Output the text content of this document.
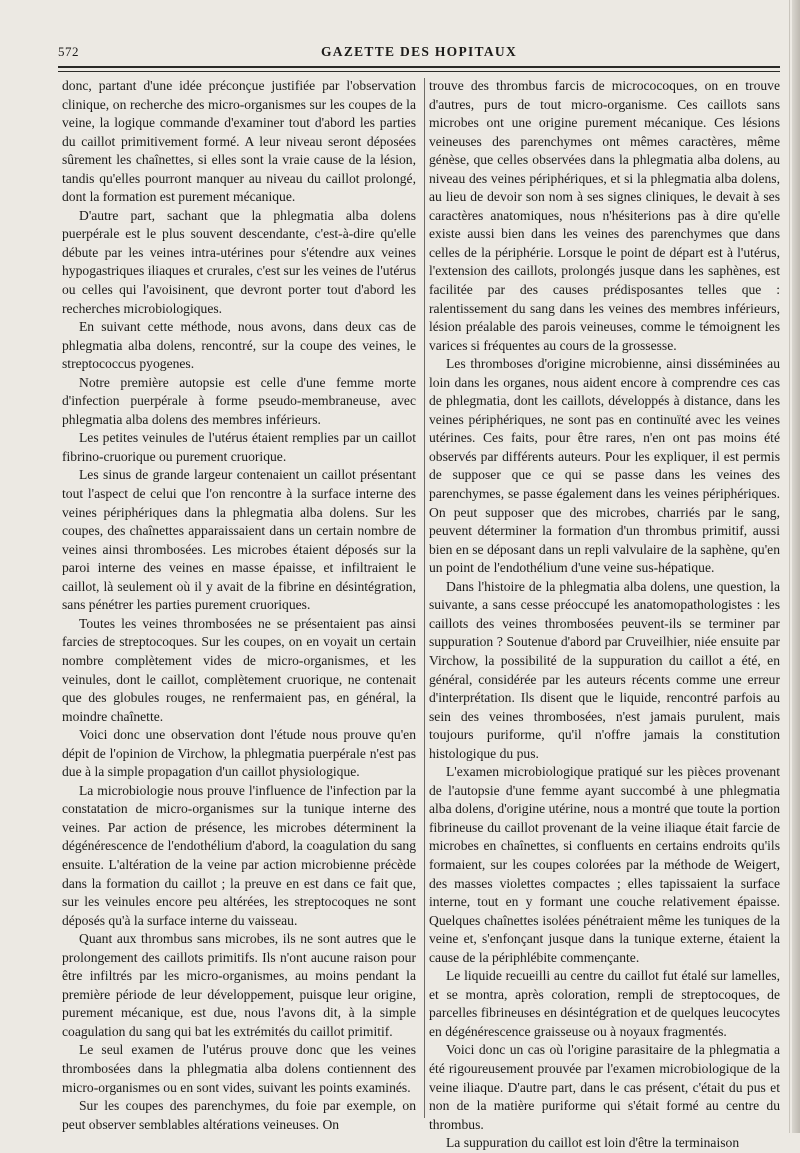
572	GAZETTE DES HOPITAUX

donc, partant d'une idée préconçue justifiée par l'observation clinique, on recherche des micro-organismes sur les coupes de la veine, la logique commande d'examiner tout d'abord les parties du caillot primitivement formé. A leur niveau seront déposées sûrement les chaînettes, si elles sont la vraie cause de la lésion, tandis qu'elles pourront manquer au niveau du caillot prolongé, dont la formation est purement mécanique.

D'autre part, sachant que la phlegmatia alba dolens puerpérale est le plus souvent descendante, c'est-à-dire qu'elle débute par les veines intra-utérines pour s'étendre aux veines hypogastriques iliaques et crurales, c'est sur les veines de l'utérus ou celles qui l'avoisinent, que devront porter tout d'abord les recherches microbiologiques.

En suivant cette méthode, nous avons, dans deux cas de phlegmatia alba dolens, rencontré, sur la coupe des veines, le streptococcus pyogenes.

Notre première autopsie est celle d'une femme morte d'infection puerpérale à forme pseudo-membraneuse, avec phlegmatia alba dolens des membres inférieurs.

Les petites veinules de l'utérus étaient remplies par un caillot fibrino-cruorique ou purement cruorique.

Les sinus de grande largeur contenaient un caillot présentant tout l'aspect de celui que l'on rencontre à la surface interne des veines périphériques dans la phlegmatia alba dolens. Sur les coupes, des chaînettes apparaissaient dans un certain nombre de veines ainsi thrombosées. Les microbes étaient déposés sur la paroi interne des veines en masse épaisse, et infiltraient le caillot, là seulement où il y avait de la fibrine en désintégration, sans pénétrer les parties purement cruoriques.

Toutes les veines thrombosées ne se présentaient pas ainsi farcies de streptocoques. Sur les coupes, on en voyait un certain nombre complètement vides de micro-organismes, et les veinules, dont le caillot, complètement cruorique, ne contenait que des globules rouges, ne renfermaient pas, en général, la moindre chaînette.

Voici donc une observation dont l'étude nous prouve qu'en dépit de l'opinion de Virchow, la phlegmatia puerpérale n'est pas due à la simple propagation d'un caillot physiologique.

La microbiologie nous prouve l'influence de l'infection par la constatation de micro-organismes sur la tunique interne des veines. Par action de présence, les microbes déterminent la dégénérescence de l'endothélium d'abord, la coagulation du sang ensuite. L'altération de la veine par action microbienne précède dans la formation du caillot ; la preuve en est dans ce fait que, sur les veinules encore peu altérées, les streptocoques ne sont déposés qu'à la surface interne du vaisseau.

Quant aux thrombus sans microbes, ils ne sont autres que le prolongement des caillots primitifs. Ils n'ont aucune raison pour être infiltrés par les micro-organismes, au moins pendant la première période de leur développement, puisque leur origine, purement mécanique, est due, nous l'avons dit, à la simple coagulation du sang qui bat les extrémités du caillot primitif.

Le seul examen de l'utérus prouve donc que les veines thrombosées dans la phlegmatia alba dolens contiennent des micro-organismes ou en sont vides, suivant les points examinés.

Sur les coupes des parenchymes, du foie par exemple, on peut observer semblables altérations veineuses. On

trouve des thrombus farcis de micrococoques, on en trouve d'autres, purs de tout micro-organisme. Ces caillots sans microbes ont une origine purement mécanique. Ces lésions veineuses des parenchymes ont mêmes caractères, même génèse, que celles observées dans la phlegmatia alba dolens, au niveau des veines périphériques, et si la phlegmatia alba dolens, au lieu de devoir son nom à ses signes cliniques, le devait à ses caractères anatomiques, nous n'hésiterions pas à dire qu'elle existe aussi bien dans les veines des parenchymes que dans celles de la périphérie. Lorsque le point de départ est à l'utérus, l'extension des caillots, prolongés jusque dans les saphènes, est facilitée par des causes prédisposantes telles que : ralentissement du sang dans les veines des membres inférieurs, lésion préalable des parois veineuses, comme le témoignent les varices si fréquentes au cours de la grossesse.

Les thromboses d'origine microbienne, ainsi disséminées au loin dans les organes, nous aident encore à comprendre ces cas de phlegmatia, dont les caillots, développés à distance, dans les veines périphériques, ne sont pas en continuïté avec les veines utérines. Ces faits, pour être rares, n'en ont pas moins été observés par différents auteurs. Pour les expliquer, il est permis de supposer que ce qui se passe dans les veines des parenchymes, se passe également dans les veines périphériques. On peut supposer que des microbes, charriés par le sang, peuvent déterminer la formation d'un thrombus primitif, aussi bien en se déposant dans un repli valvulaire de la saphène, qu'en un point de l'endothélium d'une veine sus-hépatique.

Dans l'histoire de la phlegmatia alba dolens, une question, la suivante, a sans cesse préoccupé les anatomopathologistes : les caillots des veines thrombosées peuvent-ils se terminer par suppuration ? Soutenue d'abord par Cruveilhier, niée ensuite par Virchow, la possibilité de la suppuration du caillot a été, en général, considérée par les auteurs récents comme une erreur d'interprétation. Ils disent que le liquide, rencontré parfois au sein des veines thrombosées, n'est jamais purulent, mais toujours puriforme, qu'il n'offre jamais la constitution histologique du pus.

L'examen microbiologique pratiqué sur les pièces provenant de l'autopsie d'une femme ayant succombé à une phlegmatia alba dolens, d'origine utérine, nous a montré que toute la portion fibrineuse du caillot provenant de la veine iliaque était farcie de microbes en chaînettes, si confluents en certains endroits qu'ils formaient, sur les coupes colorées par la méthode de Weigert, des masses violettes compactes ; elles tapissaient la surface interne, tout en y formant une couche relativement épaisse. Quelques chaînettes isolées pénétraient même les tuniques de la veine et, s'enfonçant jusque dans la tunique externe, étaient la cause de la périphlébite commençante.

Le liquide recueilli au centre du caillot fut étalé sur lamelles, et se montra, après coloration, rempli de streptocoques, de parcelles fibrineuses en désintégration et de quelques leucocytes en dégénérescence graisseuse ou à noyaux fragmentés.

Voici donc un cas où l'origine parasitaire de la phlegmatia a été rigoureusement prouvée par l'examen microbiologique de la veine iliaque. D'autre part, dans le cas présent, c'était du pus et non de la matière puriforme qui s'était formé au centre du thrombus.

La suppuration du caillot est loin d'être la terminaison
